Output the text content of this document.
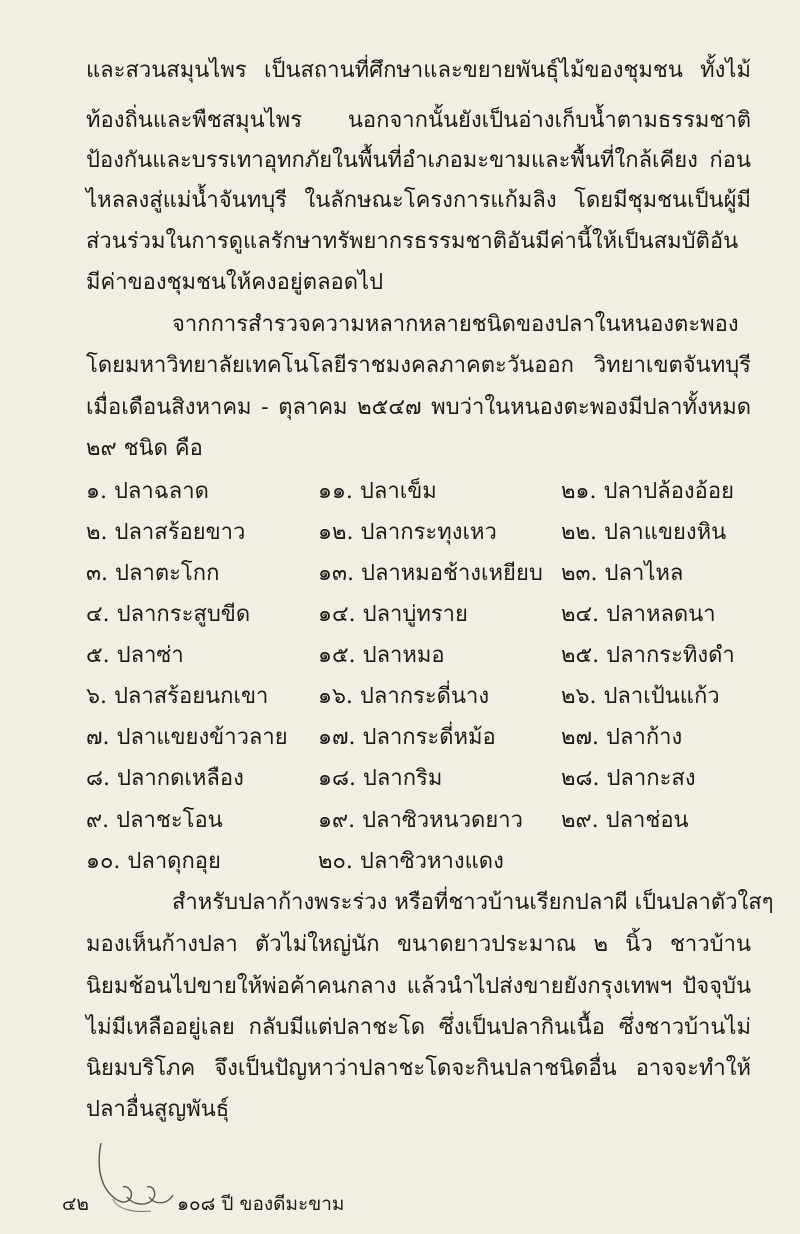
และสวนสมุนไพร เป็นสถานที่ศึกษาและขยายพันธุ์ไม้ของชุมชน ทั้งไม้
ท้องถิ่นและพืชสมุนไพร นอกจากนั้นยังเป็นอ่างเก็บน้ำตามธรรมชาติ
ป้องกันและบรรเทาอุทกภัยในพื้นที่อำเภอมะขามและพื้นที่ใกล้เคียง ก่อน
ไหลลงสู่แม่น้ำจันทบุรี ในลักษณะโครงการแก้มลิง โดยมีชุมชนเป็นผู้มี
ส่วนร่วมในการดูแลรักษาทรัพยากรธรรมชาติอันมีค่านี้ให้เป็นสมบัติอัน
มีค่าของชุมชนให้คงอยู่ตลอดไป
จากการสำรวจความหลากหลายชนิดของปลาในหนองตะพอง
โดยมหาวิทยาลัยเทคโนโลยีราชมงคลภาคตะวันออก วิทยาเขตจันทบุรี
เมื่อเดือนสิงหาคม - ตุลาคม ๒๕๔๗ พบว่าในหนองตะพองมีปลาทั้งหมด
๒๙ ชนิด คือ
๑. ปลาฉลาด
๒. ปลาสร้อยขาว
๓. ปลาตะโกก
๔. ปลากระสูบขีด
๕. ปลาซ่า
๖. ปลาสร้อยนกเขา
๗. ปลาแขยงข้าวลาย
๘. ปลากดเหลือง
๙. ปลาชะโอน
๑๐. ปลาดุกอุย
๑๑. ปลาเข็ม
๑๒. ปลากระทุงเหว
๑๓. ปลาหมอช้างเหยียบ
๑๔. ปลาบู่ทราย
๑๕. ปลาหมอ
๑๖. ปลากระดี่นาง
๑๗. ปลากระดี่หม้อ
๑๘. ปลากริม
๑๙. ปลาซิวหนวดยาว
๒๐. ปลาซิวหางแดง
๒๑. ปลาปล้องอ้อย
๒๒. ปลาแขยงหิน
๒๓. ปลาไหล
๒๔. ปลาหลดนา
๒๕. ปลากระทิงดำ
๒๖. ปลาเป้นแก้ว
๒๗. ปลาก้าง
๒๘. ปลากะสง
๒๙. ปลาช่อน
สำหรับปลาก้างพระร่วง หรือที่ชาวบ้านเรียกปลาผี เป็นปลาตัวใสๆ
มองเห็นก้างปลา ตัวไม่ใหญ่นัก ขนาดยาวประมาณ ๒ นิ้ว ชาวบ้าน
นิยมช้อนไปขายให้พ่อค้าคนกลาง แล้วนำไปส่งขายยังกรุงเทพฯ ปัจจุบัน
ไม่มีเหลืออยู่เลย กลับมีแต่ปลาชะโด ซึ่งเป็นปลากินเนื้อ ซึ่งชาวบ้านไม่
นิยมบริโภค จึงเป็นปัญหาว่าปลาชะโดจะกินปลาชนิดอื่น อาจจะทำให้
ปลาอื่นสูญพันธุ์
๔๒	๑๐๘ ปี ของดีมะขาม
